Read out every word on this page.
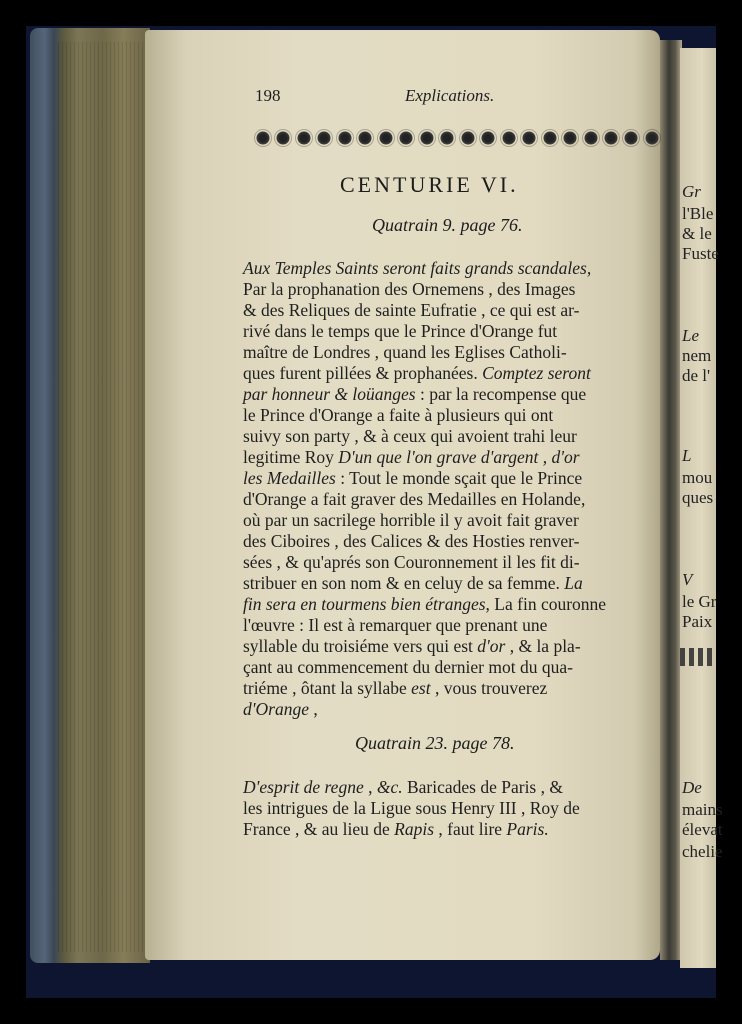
Gr
l'Ble
& le
Fuste
Le
nem
de l'
L
mou
ques
V
le Gr
Paix
De
mains
élevat
chelie
198	Explications.
CENTURIE VI.
Quatrain 9. page 76.
Aux Temples Saints seront faits grands scandales,
Par la prophanation des Ornemens , des Images
& des Reliques de sainte Eufratie , ce qui est ar-
rivé dans le temps que le Prince d'Orange fut
maître de Londres , quand les Eglises Catholi-
ques furent pillées & prophanées. Comptez seront
par honneur & loüanges : par la recompense que
le Prince d'Orange a faite à plusieurs qui ont
suivy son party , & à ceux qui avoient trahi leur
legitime Roy D'un que l'on grave d'argent , d'or
les Medailles : Tout le monde sçait que le Prince
d'Orange a fait graver des Medailles en Holande,
où par un sacrilege horrible il y avoit fait graver
des Ciboires , des Calices & des Hosties renver-
sées , & qu'aprés son Couronnement il les fit di-
stribuer en son nom & en celuy de sa femme. La
fin sera en tourmens bien étranges, La fin couronne
l'œuvre : Il est à remarquer que prenant une
syllable du troisiéme vers qui est d'or , & la pla-
çant au commencement du dernier mot du qua-
triéme , ôtant la syllabe est , vous trouverez
d'Orange ,
Quatrain 23. page 78.
D'esprit de regne , &c. Baricades de Paris , &
les intrigues de la Ligue sous Henry III , Roy de
France , & au lieu de Rapis , faut lire Paris.
